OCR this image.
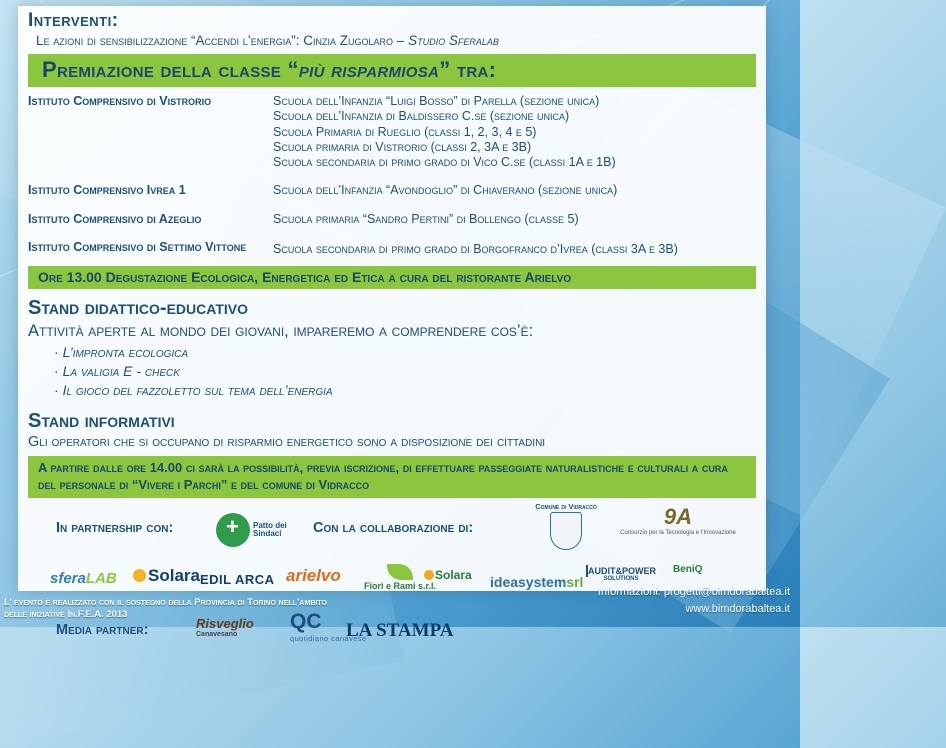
Interventi:
Le azioni di sensibilizzazione “Accendi l’energia”: Cinzia Zugolaro – Studio Sferalab
Premiazione della classe “più risparmiosa” tra:
Istituto Comprensivo di Vistrorio	Scuola dell’Infanzia “Luigi Bosso” di Parella (sezione unica)
Scuola dell’Infanzia di Baldissero C.se (sezione unica)
Scuola Primaria di Rueglio (classi 1, 2, 3, 4 e 5)
Scuola primaria di Vistrorio (classi 2, 3A e 3B)
Scuola secondaria di primo grado di Vico C.se (classi 1A e 1B)

Istituto Comprensivo Ivrea 1	Scuola dell’Infanzia “Avondoglio” di Chiaverano (sezione unica)

Istituto Comprensivo di Azeglio	Scuola primaria “Sandro Pertini” di Bollengo (classe 5)

Istituto Comprensivo di Settimo Vittone	Scuola secondaria di primo grado di Borgofranco d’Ivrea (classi 3A e 3B)
Ore 13.00 Degustazione Ecologica, Energetica ed Etica a cura del ristorante Arielvo
Stand didattico-educativo
Attività aperte al mondo dei giovani, impareremo a comprendere cos’è:
· L’impronta ecologica
· La valigia E - check
· Il gioco del fazzoletto sul tema dell’energia
Stand informativi
Gli operatori che si occupano di risparmio energetico sono a disposizione dei cittadini
A partire dalle ore 14.00 ci sarà la possibilità, previa iscrizione, di effettuare passeggiate naturalistiche e culturali a cura del personale di “Vivere i Parchi” e del comune di Vidracco
In partnership con: +	Patto dei
Sindaci	Con la collaborazione di:
Comune di Vidracco	9A
Consorzio per la Tecnologia e l’Innovazione
sferaLAB	Solara EDIL ARCA arielvo
Fiori e Rami s.r.l.
Solara ideasystemsrl
AUDIT&POWER
SOLUTIONS
BeniQ
Media partner:	Risveglio
Canavesano
QC
quotidiano canavese
LA STAMPA
L’ evento è realizzato con il sostegno della Provincia di Torino nell’ambito delle iniziative In.F.E.A. 2013
Informazioni: progetti@bimdorabaltea.it
www.bimdorabaltea.it
